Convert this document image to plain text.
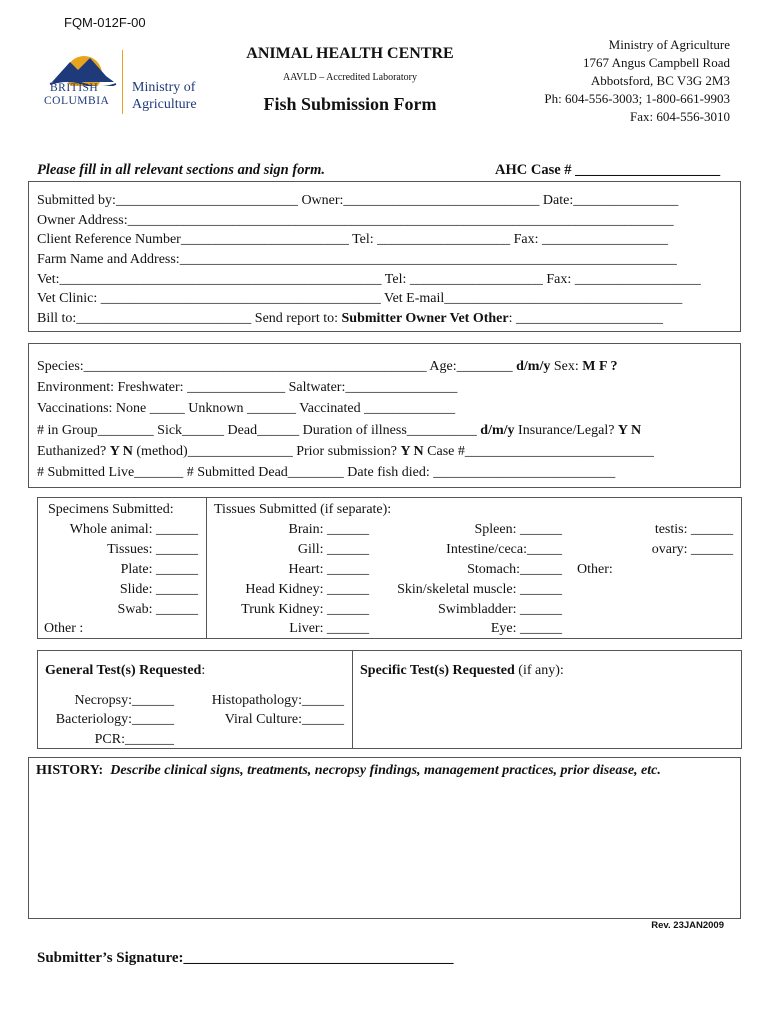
FQM-012F-00
BRITISH
COLUMBIA
Ministry of
Agriculture
ANIMAL HEALTH CENTRE
AAVLD – Accredited Laboratory
Fish Submission Form
Ministry of Agriculture
1767 Angus Campbell Road
Abbotsford, BC V3G 2M3
Ph: 604-556-3003; 1-800-661-9903
Fax: 604-556-3010
Please fill in all relevant sections and sign form.	AHC Case # ____________________
Submitted by:__________________________ Owner:____________________________ Date:_______________
Owner Address:______________________________________________________________________________
Client Reference Number________________________ Tel: ___________________ Fax: __________________
Farm Name and Address:_______________________________________________________________________
Vet:______________________________________________ Tel: ___________________ Fax: __________________
Vet Clinic: ________________________________________ Vet E-mail__________________________________
Bill to:_________________________ Send report to: Submitter Owner Vet Other: _____________________
Species:_________________________________________________ Age:________ d/m/y Sex: M F ?
Environment: Freshwater: ______________ Saltwater:________________
Vaccinations: None _____ Unknown _______ Vaccinated _____________
# in Group________ Sick______ Dead______ Duration of illness__________ d/m/y Insurance/Legal? Y N
Euthanized? Y N (method)_______________ Prior submission? Y N Case #___________________________
# Submitted Live_______ # Submitted Dead________ Date fish died: __________________________
Specimens Submitted:
Whole animal: ______
Tissues: ______
Plate: ______
Slide: ______
Swab: ______
Other :
Tissues Submitted (if separate):
Brain: ______
Gill: ______
Heart: ______
Head Kidney: ______
Trunk Kidney: ______
Liver: ______
Spleen: ______
Intestine/ceca:_____
Stomach:______
Skin/skeletal muscle: ______
Swimbladder: ______
Eye: ______
testis: ______
ovary: ______
Other:
General Test(s) Requested:
Necropsy:______
Bacteriology:______
PCR:_______
Histopathology:______
Viral Culture:______
Specific Test(s) Requested (if any):
HISTORY: Describe clinical signs, treatments, necropsy findings, management practices, prior disease, etc.
Rev. 23JAN2009
Submitter’s Signature:____________________________________
